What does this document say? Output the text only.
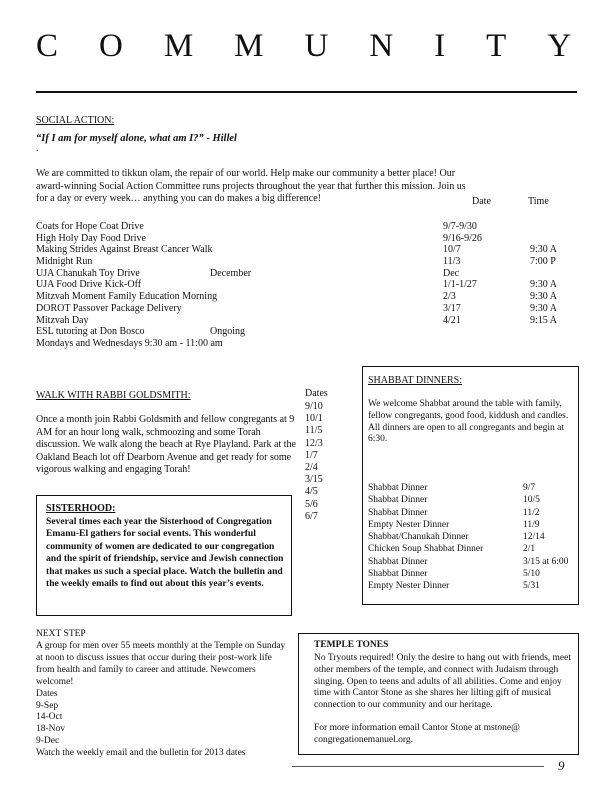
COMMUNITY
SOCIAL ACTION:
“If I am for myself alone, what am I?” - Hillel
.

We are committed to tikkun olam, the repair of our world. Help make our community a better place! Our award-winning Social Action Committee runs projects throughout the year that further this mission. Join us for a day or every week… anything you can do makes a big difference!	Date	Time
Coats for Hope Coat Drive	9/7-9/30
High Holy Day Food Drive	9/16-9/26
Making Strides Against Breast Cancer Walk	10/7	9:30 A
Midnight Run	11/3	7:00 P
UJA Chanukah Toy Drive	December	Dec
UJA Food Drive Kick-Off	1/1-1/27	9:30 A
Mitzvah Moment Family Education Morning	2/3	9:30 A
DOROT Passover Package Delivery	3/17	9:30 A
Mitzvah Day	4/21	9:15 A
ESL tutoring at Don Bosco	Ongoing
Mondays and Wednesdays 9:30 am - 11:00 am
WALK WITH RABBI GOLDSMITH:

Once a month join Rabbi Goldsmith and fellow congregants at 9 AM for an hour long walk, schmoozing and some Torah discussion. We walk along the beach at Rye Playland. Park at the Oakland Beach lot off Dearborn Avenue and get ready for some vigorous walking and engaging Torah!

Dates
9/10
10/1
11/5
12/3
1/7
2/4
3/15
4/5
5/6
6/7
SISTERHOOD:

Several times each year the Sisterhood of Congregation Emanu-El gathers for social events. This wonderful community of women are dedicated to our congregation and the spirit of friendship, service and Jewish connection that makes us such a special place. Watch the bulletin and the weekly emails to find out about this year’s events.

SHABBAT DINNERS:

We welcome Shabbat around the table with family, fellow congregants, good food, kiddush and candles.

All dinners are open to all congregants and begin at 6:30.

Shabbat Dinner	9/7
Shabbat Dinner	10/5
Shabbat Dinner	11/2
Empty Nester Dinner	11/9
Shabbat/Chanukah Dinner	12/14
Chicken Soup Shabbat Dinner	2/1
Shabbat Dinner	3/15 at 6:00
Shabbat Dinner	5/10
Empty Nester Dinner	5/31
NEXT STEP

A group for men over 55 meets monthly at the Temple on Sunday at noon to discuss issues that occur during their post-work life from health and family to career and attitude. Newcomers welcome!

Dates

9-Sep

14-Oct

18-Nov

9-Dec

Watch the weekly email and the bulletin for 2013 dates

TEMPLE TONES

No Tryouts required! Only the desire to hang out with friends, meet other members of the temple, and connect with Judaism through singing. Open to teens and adults of all abilities. Come and enjoy time with Cantor Stone as she shares her lilting gift of musical connection to our community and our heritage.

For more information email Cantor Stone at mstone@ congregationemanuel.org.

9
